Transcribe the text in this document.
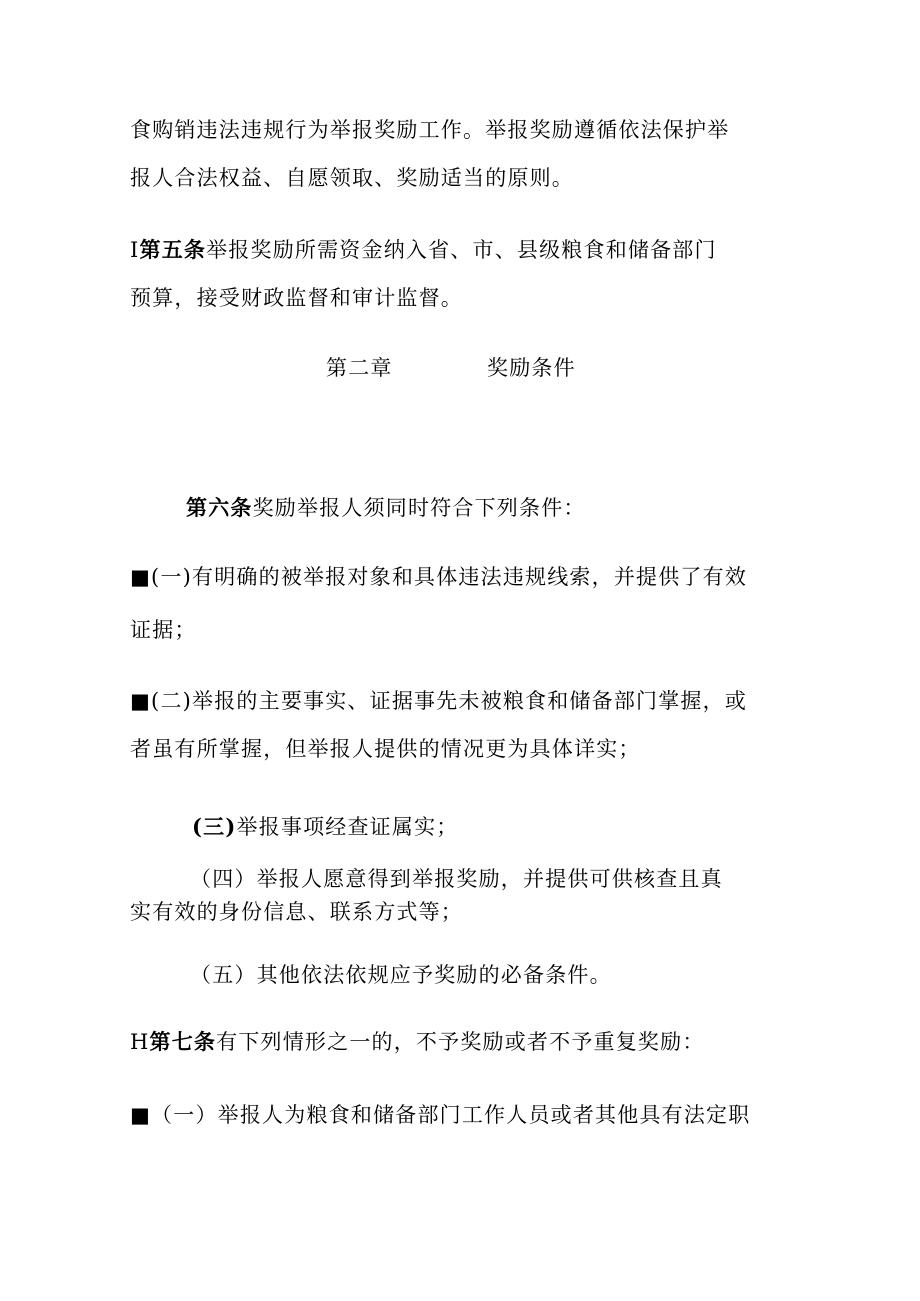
食购销违法违规行为举报奖励工作。举报奖励遵循依法保护举
报人合法权益、自愿领取、奖励适当的原则。
I第五条举报奖励所需资金纳入省、市、县级粮食和储备部门
预算，接受财政监督和审计监督。
第二章	奖励条件
第六条奖励举报人须同时符合下列条件：
■(一)有明确的被举报对象和具体违法违规线索，并提供了有效
证据；
■(二)举报的主要事实、证据事先未被粮食和储备部门掌握，或
者虽有所掌握，但举报人提供的情况更为具体详实；
(三)举报事项经查证属实；
（四）举报人愿意得到举报奖励，并提供可供核查且真
实有效的身份信息、联系方式等；
（五）其他依法依规应予奖励的必备条件。
H第七条有下列情形之一的，不予奖励或者不予重复奖励：
■（一）举报人为粮食和储备部门工作人员或者其他具有法定职
